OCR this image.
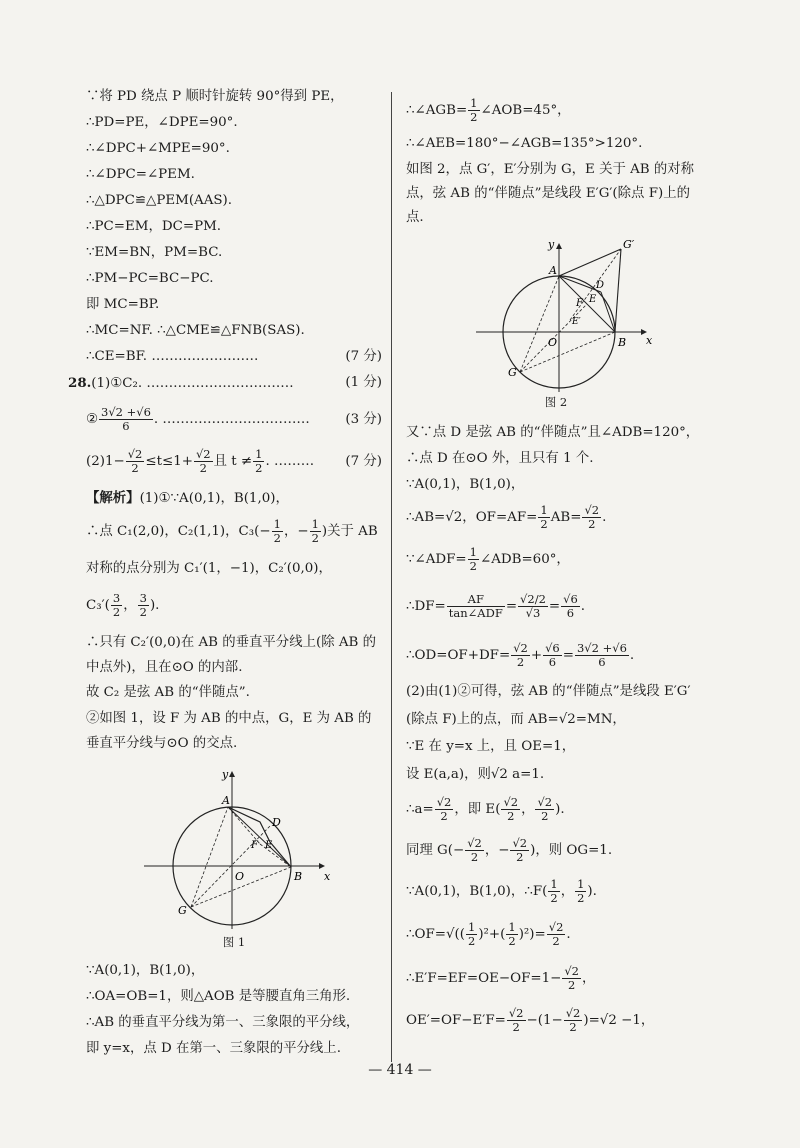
∵将 PD 绕点 P 顺时针旋转 90°得到 PE，
∴PD=PE，∠DPE=90°.
∴∠DPC+∠MPE=90°.
∴∠DPC=∠PEM.
∴△DPC≌△PEM(AAS).
∴PC=EM，DC=PM.
∵EM=BN，PM=BC.
∴PM−PC=BC−PC.
即 MC=BP.
∴MC=NF. ∴△CME≌△FNB(SAS).
∴CE=BF. ……………………	(7 分)
28.(1)①C₂. ……………………………	(1 分)
② $\frac{3√2 +√6}{6}$ . ……………………………	(3 分)
$(2)1- \frac{√2}{2} \le t\le 1+ \frac{√2}{2}$ 且 $t \ne \frac{1}{2}$ . ……… (7 分)
【解析】(1)①∵A(0,1)，B(1,0)，
∴点 C₁(2,0)，C₂(1,1)，$C_3(- \frac{1}{2}$ ，− $\frac{1}{2}$ )关于 AB
对称的点分别为 C₁′(1，−1)，C₂′(0,0)，
$C_3'( \frac{3}{2}$ ， $\frac{3}{2}$ ).
∴只有 C₂′(0,0)在 AB 的垂直平分线上(除 AB 的中点外)，且在⊙O 的内部.
故 C₂ 是弦 AB 的“伴随点”.
②如图 1，设 F 为 AB 的中点，G，E 为 AB 的垂直平分线与⊙O 的交点.
A
B
O
D
E
F
G
x
y
图 1
∵A(0,1)，B(1,0)，
∴OA=OB=1，则△AOB 是等腰直角三角形.
∴AB 的垂直平分线为第一、三象限的平分线，
即 y=x，点 D 在第一、三象限的平分线上.
∴∠AGB= $\frac{1}{2}$ ∠AOB=45°，
∴∠AEB=180°−∠AGB=135°>120°.
如图 2，点 G′，E′分别为 G，E 关于 AB 的对称点，弦 AB 的“伴随点”是线段 E′G′(除点 F)上的点.
A
B
O
D
F E
E′
G′
G
x
y
图 2
又∵点 D 是弦 AB 的“伴随点”且∠ADB=120°，
∴点 D 在⊙O 外，且只有 1 个.
∵A(0,1)，B(1,0)，
∴AB=√2，$OF=AF= \frac{1}{2} AB= \frac{√2}{2}$ .
∵∠ADF= $\frac{1}{2}$ ∠ADB=60°，
∴DF=	AF
tan∠ADF = $\frac{√2/2}{√3} = \frac{√6}{6}$ .
∴OD=OF+DF= $\frac{√2}{2} + \frac{√6}{6} = \frac{3√2 +√6}{6}$ .
(2)由(1)②可得，弦 AB 的“伴随点”是线段 E′G′
(除点 F)上的点，而 AB=√2=MN，
∵E 在 y=x 上，且 OE=1，
设 E(a,a)，则√2 a=1.
∴a= $\frac{√2}{2}$ ，即 $E( \frac{√2}{2}$ ， $\frac{√2}{2}$ ).
同理 $G(- \frac{√2}{2}$ ，− $\frac{√2}{2}$ )，则 OG=1.
∵A(0,1)，B(1,0)，∴F( $\frac{1}{2}$ ， $\frac{1}{2}$ ).
∴OF=√(( $\frac{1}{2} )^2+( \frac{1}{2} )^2)= \frac{√2}{2}$ .
∴E′F=EF=OE−OF=1− $\frac{√2}{2}$ ，
$OE'=OF-E'F= \frac{√2}{2} -(1- \frac{√2}{2} )=√2 -1$，
— 414 —
